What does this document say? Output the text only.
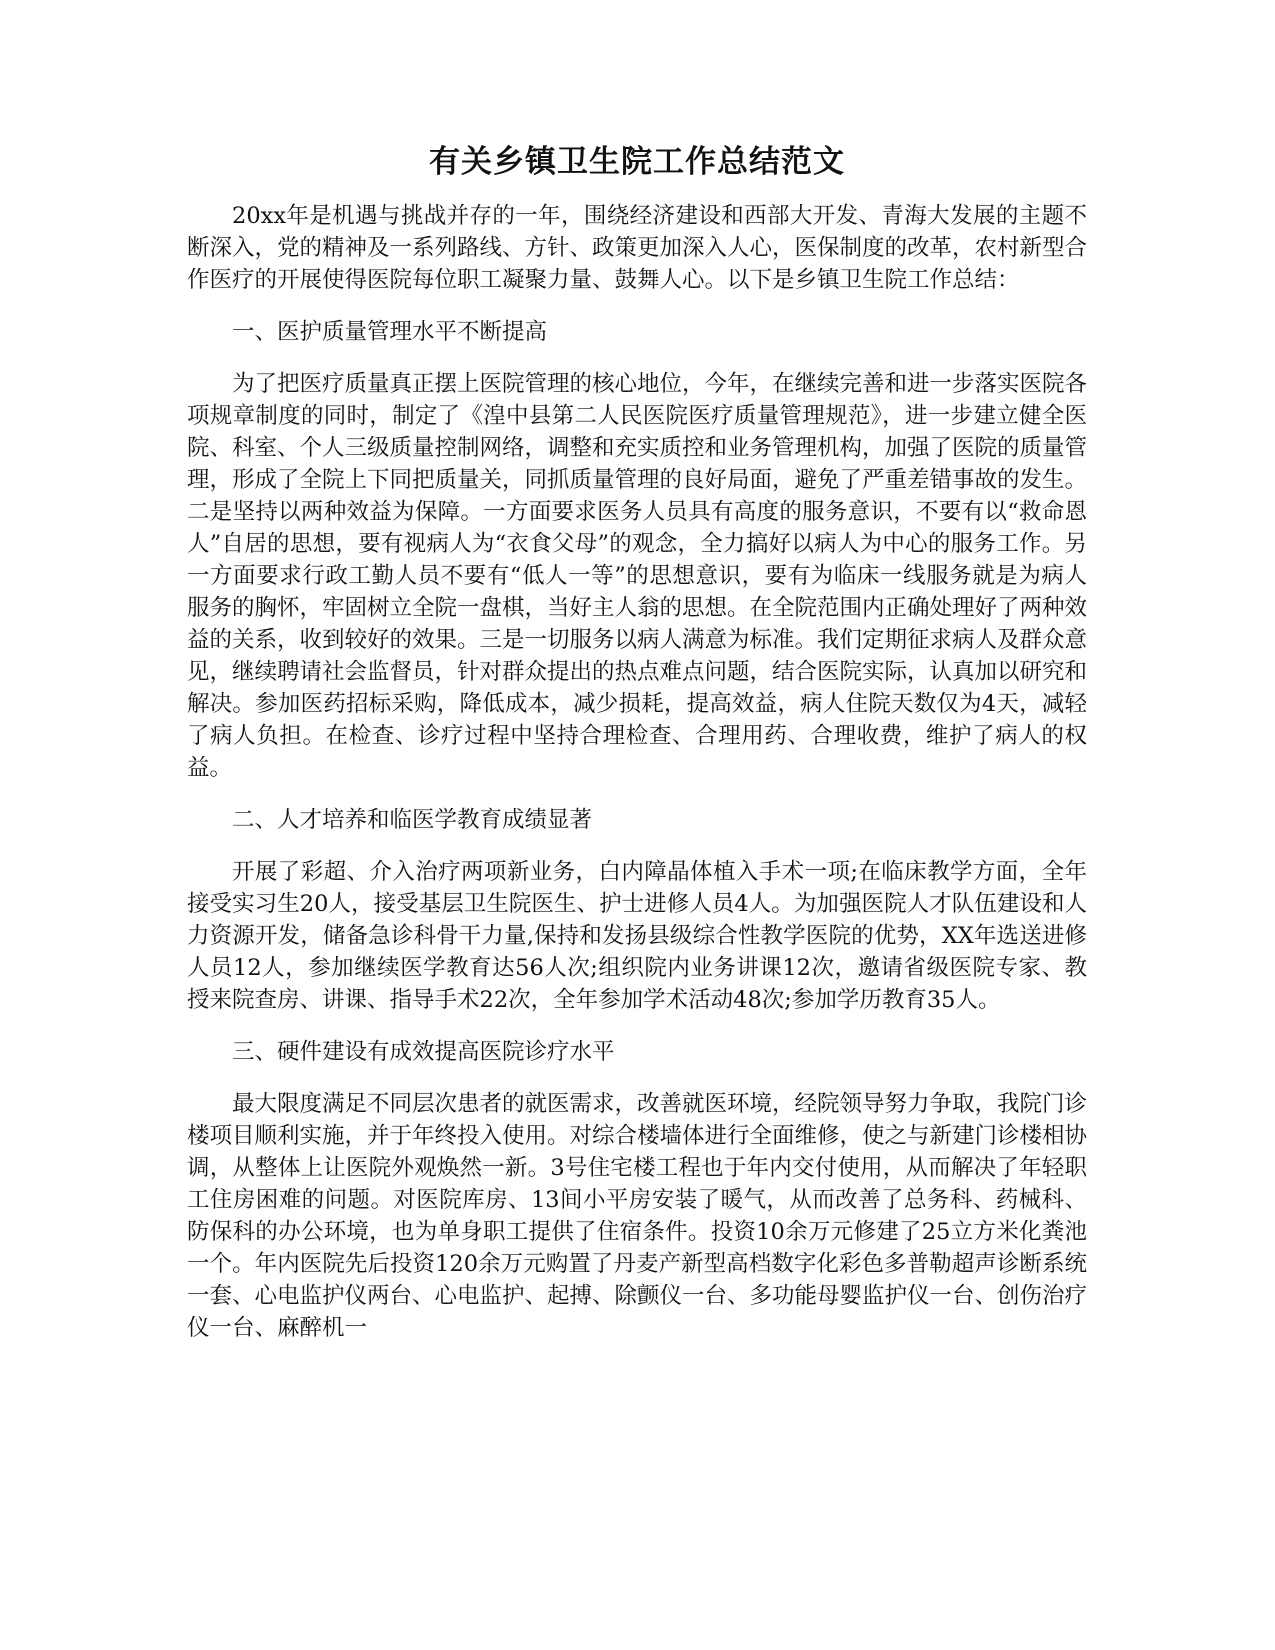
有关乡镇卫生院工作总结范文

20xx年是机遇与挑战并存的一年，围绕经济建设和西部大开发、青海大发展的主题不断深入，党的精神及一系列路线、方针、政策更加深入人心，医保制度的改革，农村新型合作医疗的开展使得医院每位职工凝聚力量、鼓舞人心。以下是乡镇卫生院工作总结：

一、医护质量管理水平不断提高

为了把医疗质量真正摆上医院管理的核心地位，今年，在继续完善和进一步落实医院各项规章制度的同时，制定了《湟中县第二人民医院医疗质量管理规范》，进一步建立健全医院、科室、个人三级质量控制网络，调整和充实质控和业务管理机构，加强了医院的质量管理，形成了全院上下同把质量关，同抓质量管理的良好局面，避免了严重差错事故的发生。二是坚持以两种效益为保障。一方面要求医务人员具有高度的服务意识，不要有以“救命恩人”自居的思想，要有视病人为“衣食父母”的观念，全力搞好以病人为中心的服务工作。另一方面要求行政工勤人员不要有“低人一等”的思想意识，要有为临床一线服务就是为病人服务的胸怀，牢固树立全院一盘棋，当好主人翁的思想。在全院范围内正确处理好了两种效益的关系，收到较好的效果。三是一切服务以病人满意为标准。我们定期征求病人及群众意见，继续聘请社会监督员，针对群众提出的热点难点问题，结合医院实际，认真加以研究和解决。参加医药招标采购，降低成本，减少损耗，提高效益，病人住院天数仅为4天，减轻了病人负担。在检查、诊疗过程中坚持合理检查、合理用药、合理收费，维护了病人的权益。

二、人才培养和临医学教育成绩显著

开展了彩超、介入治疗两项新业务，白内障晶体植入手术一项;在临床教学方面，全年接受实习生20人，接受基层卫生院医生、护士进修人员4人。为加强医院人才队伍建设和人力资源开发，储备急诊科骨干力量,保持和发扬县级综合性教学医院的优势，XX年选送进修人员12人，参加继续医学教育达56人次;组织院内业务讲课12次，邀请省级医院专家、教授来院查房、讲课、指导手术22次，全年参加学术活动48次;参加学历教育35人。

三、硬件建设有成效提高医院诊疗水平

最大限度满足不同层次患者的就医需求，改善就医环境，经院领导努力争取，我院门诊楼项目顺利实施，并于年终投入使用。对综合楼墙体进行全面维修，使之与新建门诊楼相协调，从整体上让医院外观焕然一新。3号住宅楼工程也于年内交付使用，从而解决了年轻职工住房困难的问题。对医院库房、13间小平房安装了暖气，从而改善了总务科、药械科、防保科的办公环境，也为单身职工提供了住宿条件。投资10余万元修建了25立方米化粪池一个。年内医院先后投资120余万元购置了丹麦产新型高档数字化彩色多普勒超声诊断系统一套、心电监护仪两台、心电监护、起搏、除颤仪一台、多功能母婴监护仪一台、创伤治疗仪一台、麻醉机一
